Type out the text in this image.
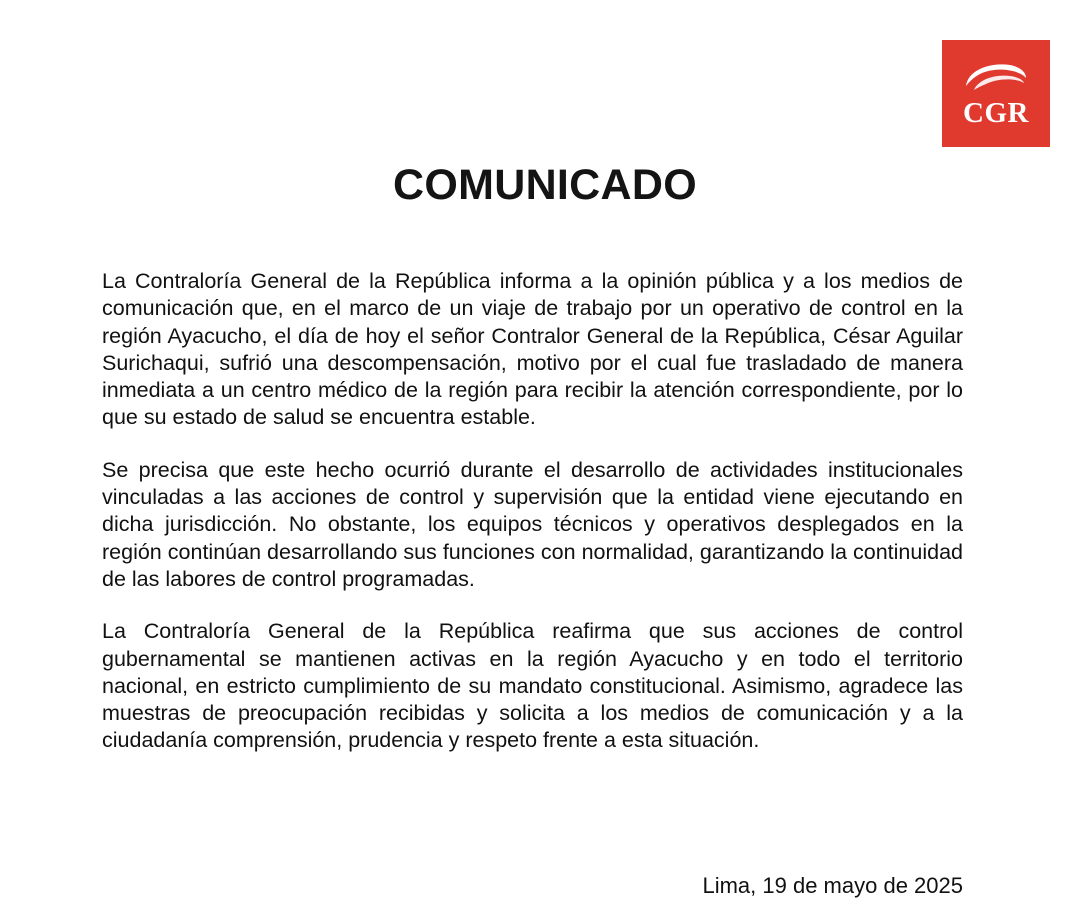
CGR
COMUNICADO

La Contraloría General de la República informa a la opinión pública y a los medios de comunicación que, en el marco de un viaje de trabajo por un operativo de control en la región Ayacucho, el día de hoy el señor Contralor General de la República, César Aguilar Surichaqui, sufrió una descompensación, motivo por el cual fue trasladado de manera inmediata a un centro médico de la región para recibir la atención correspondiente, por lo que su estado de salud se encuentra estable.

Se precisa que este hecho ocurrió durante el desarrollo de actividades institucionales vinculadas a las acciones de control y supervisión que la entidad viene ejecutando en dicha jurisdicción. No obstante, los equipos técnicos y operativos desplegados en la región continúan desarrollando sus funciones con normalidad, garantizando la continuidad de las labores de control programadas.

La Contraloría General de la República reafirma que sus acciones de control gubernamental se mantienen activas en la región Ayacucho y en todo el territorio nacional, en estricto cumplimiento de su mandato constitucional. Asimismo, agradece las muestras de preocupación recibidas y solicita a los medios de comunicación y a la ciudadanía comprensión, prudencia y respeto frente a esta situación.

Lima, 19 de mayo de 2025
